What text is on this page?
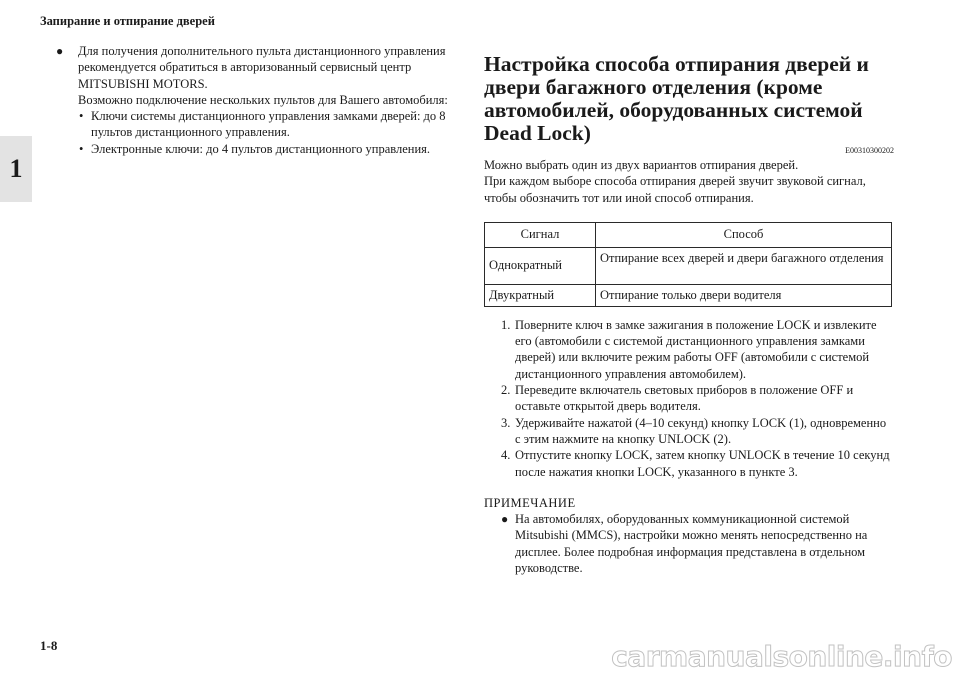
Запирание и отпирание дверей
1
1-8
●	Для получения дополнительного пульта дистанционного управления рекомендуется обратиться в авторизованный сервисный центр MITSUBISHI MOTORS.

Возможно подключение нескольких пультов для Вашего автомобиля:

• Ключи системы дистанционного управления замками дверей: до 8 пультов дистанционного управления.
• Электронные ключи: до 4 пультов дистанционного управления.
Настройка способа отпирания дверей и двери багажного отделения (кроме автомобилей, оборудованных системой Dead Lock)
E00310300202

Можно выбрать один из двух вариантов отпирания дверей.

При каждом выборе способа отпирания дверей звучит звуковой сигнал, чтобы обозначить тот или иной способ отпирания.

Сигнал	Способ
Однократный	Отпирание всех дверей и двери багажного отделения
Двукратный	Отпирание только двери водителя
1. Поверните ключ в замке зажигания в положение LOCK и извлеките его (автомобили с системой дистанционного управления замками дверей) или включите режим работы OFF (автомобили с системой дистанционного управления автомобилем).
2. Переведите включатель световых приборов в положение OFF и оставьте открытой дверь водителя.
3. Удерживайте нажатой (4–10 секунд) кнопку LOCK (1), одновременно с этим нажмите на кнопку UNLOCK (2).
4. Отпустите кнопку LOCK, затем кнопку UNLOCK в течение 10 секунд после нажатия кнопки LOCK, указанного в пункте 3.
ПРИМЕЧАНИЕ
● На автомобилях, оборудованных коммуникационной системой Mitsubishi (MMCS), настройки можно менять непосредственно на дисплее. Более подробная информация представлена в отдельном руководстве.
carmanualsonline.info
